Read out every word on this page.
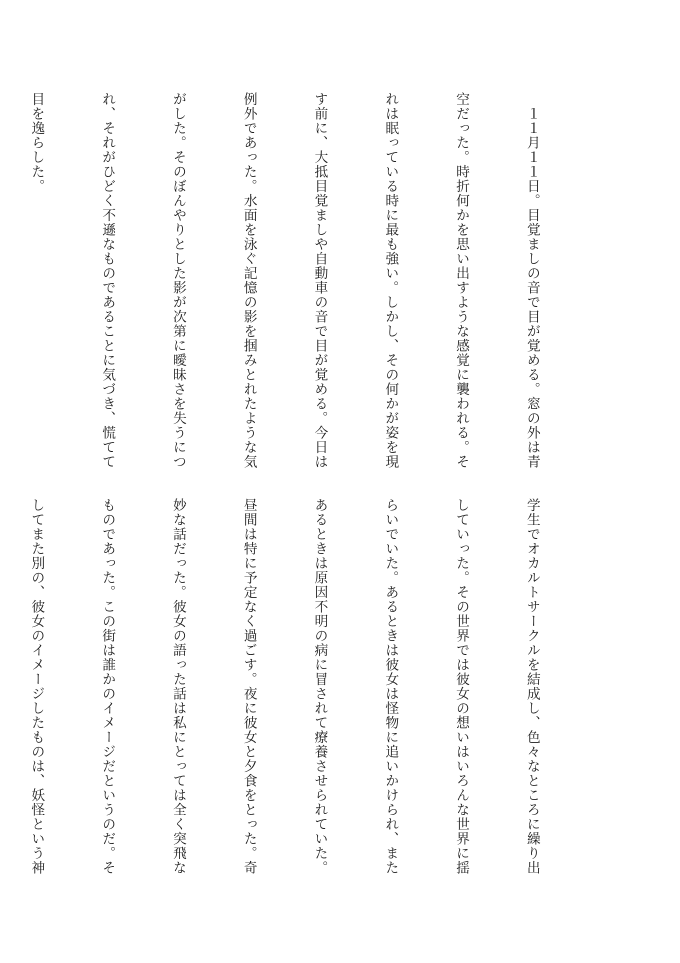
　１１月１１日。目覚ましの音で目が覚める。窓の外は青

空だった。時折何かを思い出すような感覚に襲われる。そ

れは眠っている時に最も強い。しかし、その何かが姿を現

す前に、大抵目覚ましや自動車の音で目が覚める。今日は

例外であった。水面を泳ぐ記憶の影を掴みとれたような気

がした。そのぼんやりとした影が次第に曖昧さを失うにつ

れ、それがひどく不遜なものであることに気づき、慌てて

目を逸らした。

学生でオカルトサークルを結成し、色々なところに繰り出

していった。その世界では彼女の想いはいろんな世界に揺

らいでいた。あるときは彼女は怪物に追いかけられ、また

あるときは原因不明の病に冒されて療養させられていた。

昼間は特に予定なく過ごす。夜に彼女と夕食をとった。奇

妙な話だった。彼女の語った話は私にとっては全く突飛な

ものであった。この街は誰かのイメージだというのだ。そ

してまた別の、彼女のイメージしたものは、妖怪という神
